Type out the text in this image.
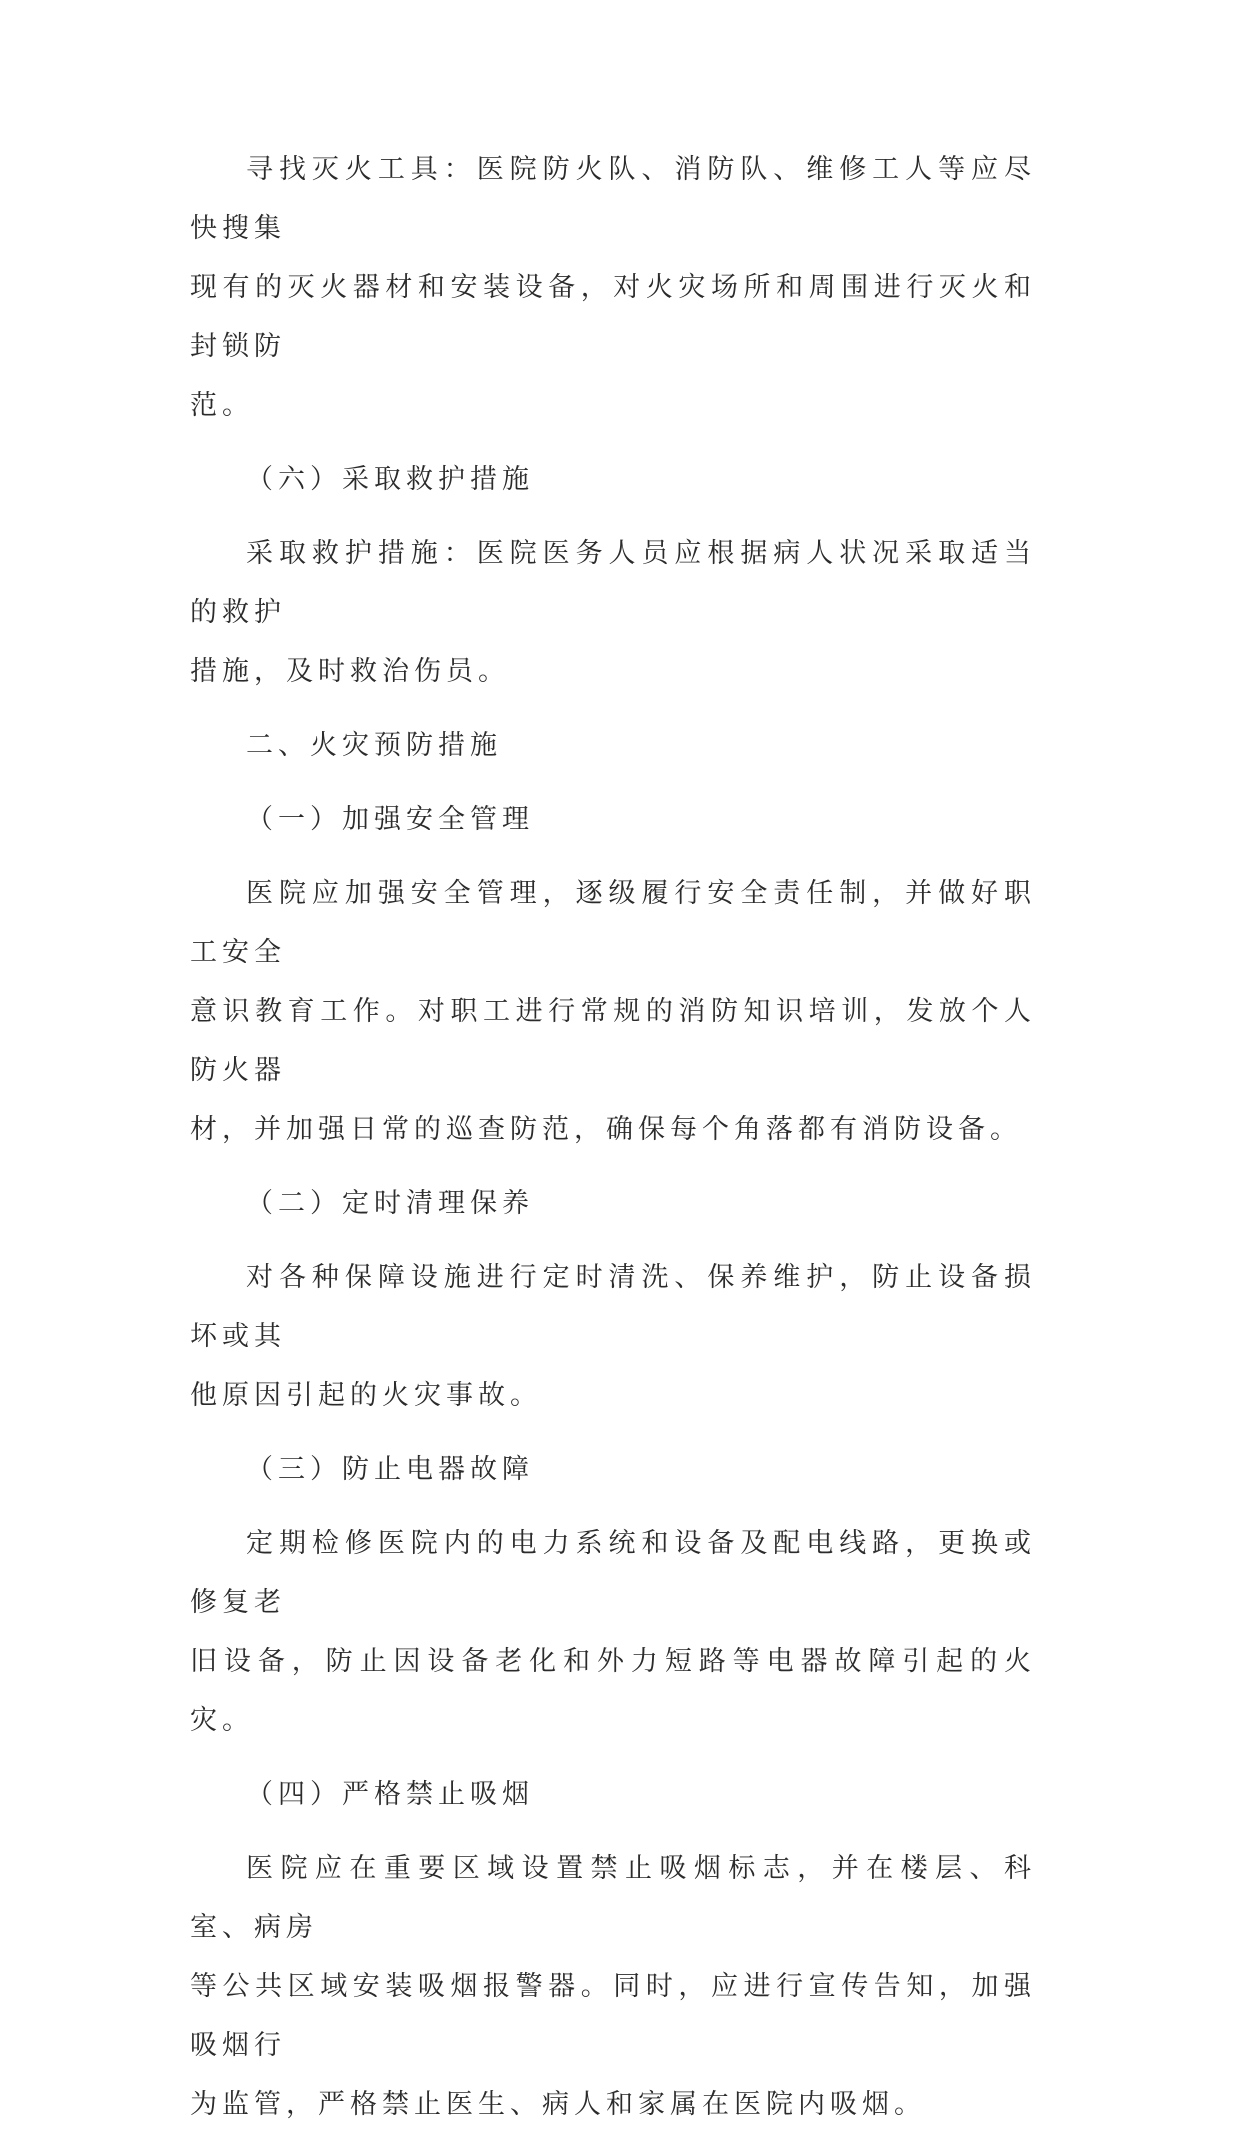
寻找灭火工具：医院防火队、消防队、维修工人等应尽快搜集
现有的灭火器材和安装设备，对火灾场所和周围进行灭火和封锁防
范。

（六）采取救护措施

采取救护措施：医院医务人员应根据病人状况采取适当的救护
措施，及时救治伤员。

二、火灾预防措施

（一）加强安全管理

医院应加强安全管理，逐级履行安全责任制，并做好职工安全
意识教育工作。对职工进行常规的消防知识培训，发放个人防火器
材，并加强日常的巡查防范，确保每个角落都有消防设备。

（二）定时清理保养

对各种保障设施进行定时清洗、保养维护，防止设备损坏或其
他原因引起的火灾事故。

（三）防止电器故障

定期检修医院内的电力系统和设备及配电线路，更换或修复老
旧设备，防止因设备老化和外力短路等电器故障引起的火灾。

（四）严格禁止吸烟

医院应在重要区域设置禁止吸烟标志，并在楼层、科室、病房
等公共区域安装吸烟报警器。同时，应进行宣传告知，加强吸烟行
为监管，严格禁止医生、病人和家属在医院内吸烟。
